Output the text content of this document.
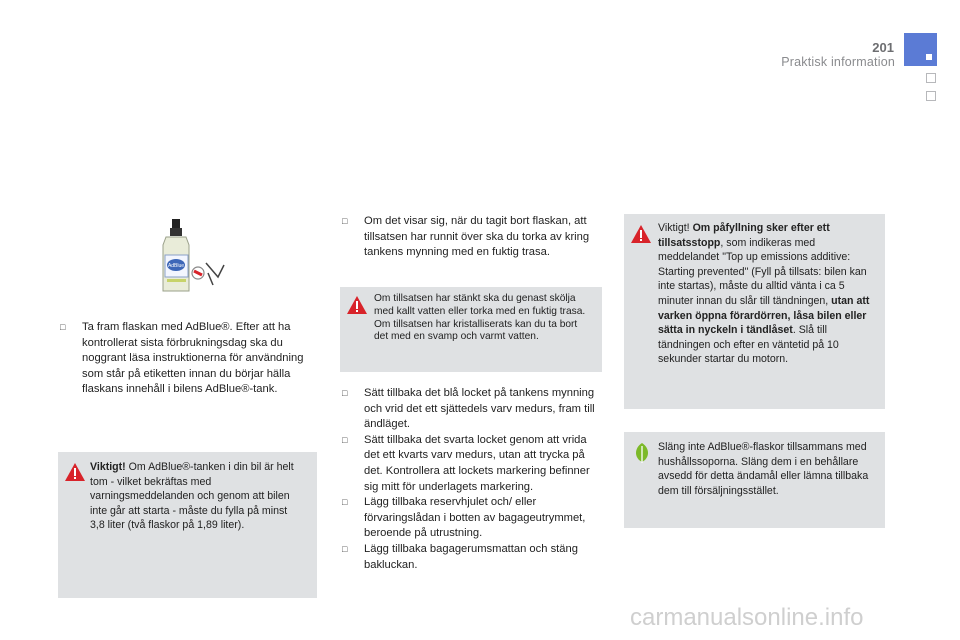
201
Praktisk information
AdBlue
□ Ta fram flaskan med AdBlue®. Efter att ha kontrollerat sista förbrukningsdag ska du noggrant läsa instruktionerna för användning som står på etiketten innan du börjar hälla flaskans innehåll i bilens AdBlue®-tank.
Viktigt! Om AdBlue®-tanken i din bil är helt tom - vilket bekräftas med varningsmeddelanden och genom att bilen inte går att starta - måste du fylla på minst 3,8 liter (två flaskor på 1,89 liter).
□ Om det visar sig, när du tagit bort flaskan, att tillsatsen har runnit över ska du torka av kring tankens mynning med en fuktig trasa.
Om tillsatsen har stänkt ska du genast skölja med kallt vatten eller torka med en fuktig trasa.
Om tillsatsen har kristalliserats kan du ta bort det med en svamp och varmt vatten.
□ Sätt tillbaka det blå locket på tankens mynning och vrid det ett sjättedels varv medurs, fram till ändläget.
□ Sätt tillbaka det svarta locket genom att vrida det ett kvarts varv medurs, utan att trycka på det. Kontrollera att lockets markering befinner sig mitt för underlagets markering.
□ Lägg tillbaka reservhjulet och/ eller förvaringslådan i botten av bagageutrymmet, beroende på utrustning.
□ Lägg tillbaka bagagerumsmattan och stäng bakluckan.
Viktigt! Om påfyllning sker efter ett tillsatsstopp, som indikeras med meddelandet "Top up emissions additive: Starting prevented" (Fyll på tillsats: bilen kan inte startas), måste du alltid vänta i ca 5 minuter innan du slår till tändningen, utan att varken öppna förardörren, låsa bilen eller sätta in nyckeln i tändlåset. Slå till tändningen och efter en väntetid på 10 sekunder startar du motorn.
Släng inte AdBlue®-flaskor tillsammans med hushållssoporna. Släng dem i en behållare avsedd för detta ändamål eller lämna tillbaka dem till försäljningsstället.
carmanualsonline.info
